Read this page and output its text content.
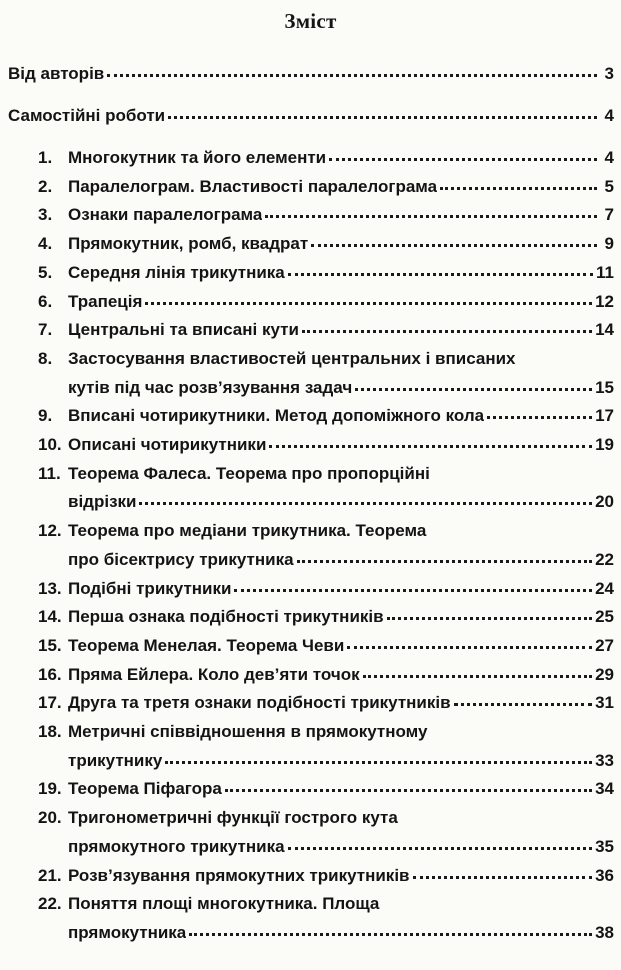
Зміст
Від авторів	3
Самостійні роботи	4
1. Многокутник та його елементи	4
2. Паралелограм. Властивості паралелограма	5
3. Ознаки паралелограма	7
4. Прямокутник, ромб, квадрат	9
5. Середня лінія трикутника	11
6. Трапеція	12
7. Центральні та вписані кути	14
8. Застосування властивостей центральних і вписаних
кутів під час розв’язування задач	15
9. Вписані чотирикутники. Метод допоміжного кола	17
10. Описані чотирикутники	19
11. Теорема Фалеса. Теорема про пропорційні
відрізки	20
12. Теорема про медіани трикутника. Теорема
про бісектрису трикутника	22
13. Подібні трикутники	24
14. Перша ознака подібності трикутників	25
15. Теорема Менелая. Теорема Чеви	27
16. Пряма Ейлера. Коло дев’яти точок	29
17. Друга та третя ознаки подібності трикутників	31
18. Метричні співвідношення в прямокутному
трикутнику	33
19. Теорема Піфагора	34
20. Тригонометричні функції гострого кута
прямокутного трикутника	35
21. Розв’язування прямокутних трикутників	36
22. Поняття площі многокутника. Площа
прямокутника	38
